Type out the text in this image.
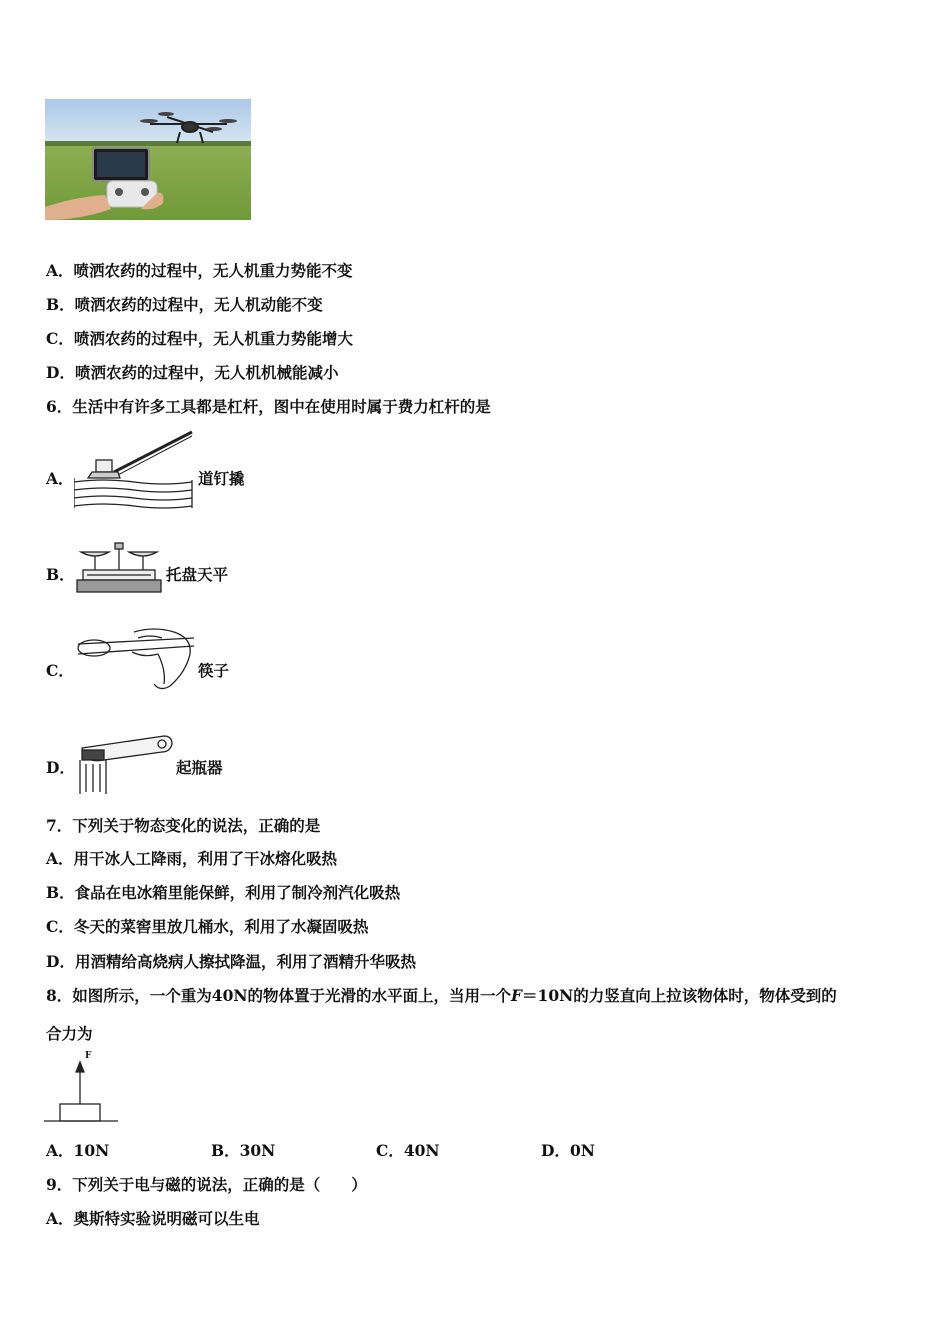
A．喷洒农药的过程中，无人机重力势能不变
B．喷洒农药的过程中，无人机动能不变
C．喷洒农药的过程中，无人机重力势能增大
D．喷洒农药的过程中，无人机机械能减小
6．生活中有许多工具都是杠杆，图中在使用时属于费力杠杆的是
A．	道钉撬
B．	托盘天平
C．	筷子
D．	起瓶器
7．下列关于物态变化的说法，正确的是
A．用干冰人工降雨，利用了干冰熔化吸热
B．食品在电冰箱里能保鲜，利用了制冷剂汽化吸热
C．冬天的菜窖里放几桶水，利用了水凝固吸热
D．用酒精给高烧病人擦拭降温，利用了酒精升华吸热
8．如图所示，一个重为40N的物体置于光滑的水平面上，当用一个F＝10N的力竖直向上拉该物体时，物体受到的
合力为
F
A．10N	B．30N	C．40N	D．0N
9．下列关于电与磁的说法，正确的是（　　）
A．奥斯特实验说明磁可以生电
